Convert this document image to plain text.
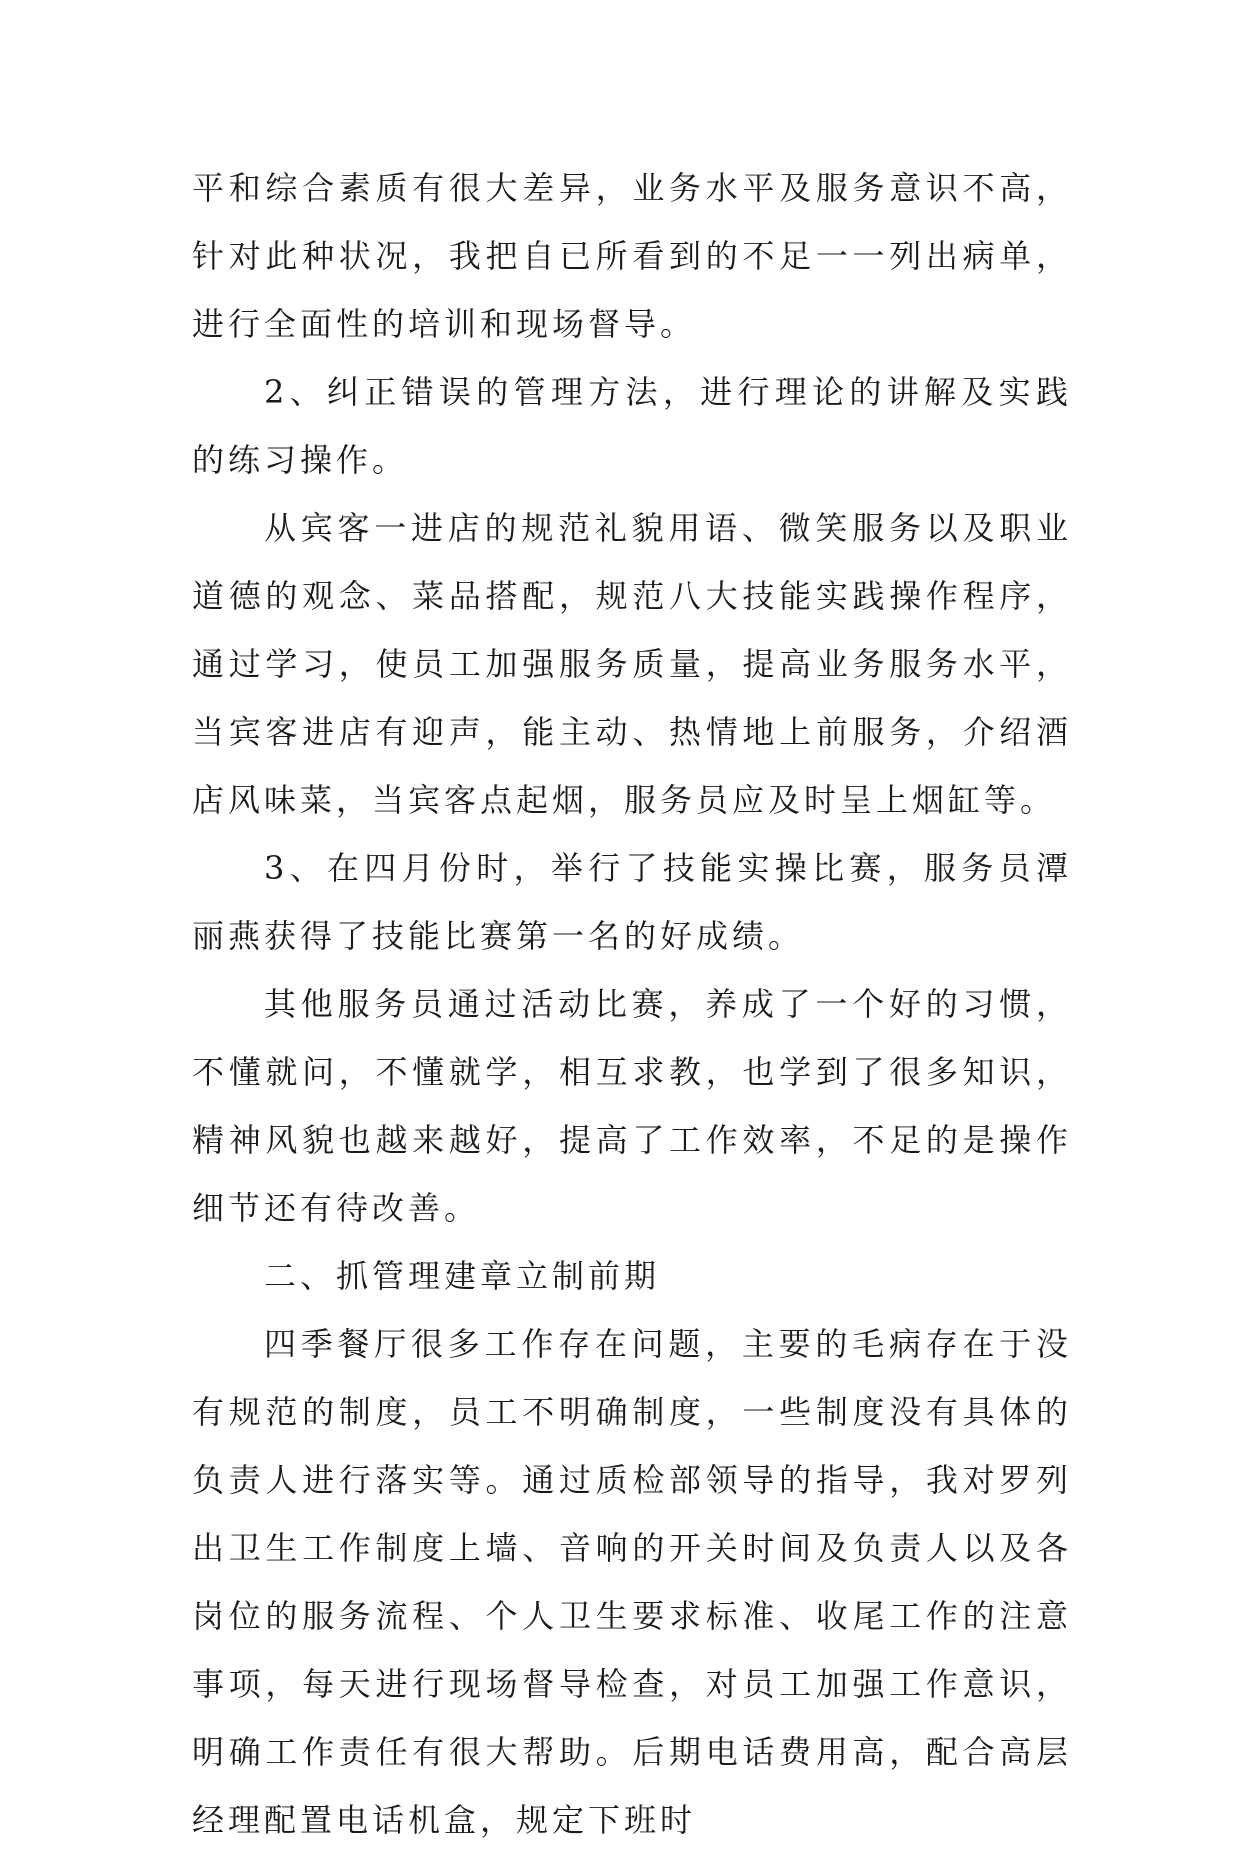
平和综合素质有很大差异，业务水平及服务意识不高，针对此种状况，我把自已所看到的不足一一列出病单，进行全面性的培训和现场督导。

2、纠正错误的管理方法，进行理论的讲解及实践的练习操作。

从宾客一进店的规范礼貌用语、微笑服务以及职业道德的观念、菜品搭配，规范八大技能实践操作程序，通过学习，使员工加强服务质量，提高业务服务水平，当宾客进店有迎声，能主动、热情地上前服务，介绍酒店风味菜，当宾客点起烟，服务员应及时呈上烟缸等。

3、在四月份时，举行了技能实操比赛，服务员潭丽燕获得了技能比赛第一名的好成绩。

其他服务员通过活动比赛，养成了一个好的习惯，不懂就问，不懂就学，相互求教，也学到了很多知识，精神风貌也越来越好，提高了工作效率，不足的是操作细节还有待改善。

二、抓管理建章立制前期

四季餐厅很多工作存在问题，主要的毛病存在于没有规范的制度，员工不明确制度，一些制度没有具体的负责人进行落实等。通过质检部领导的指导，我对罗列出卫生工作制度上墙、音响的开关时间及负责人以及各岗位的服务流程、个人卫生要求标准、收尾工作的注意事项，每天进行现场督导检查，对员工加强工作意识，明确工作责任有很大帮助。后期电话费用高，配合高层经理配置电话机盒，规定下班时
